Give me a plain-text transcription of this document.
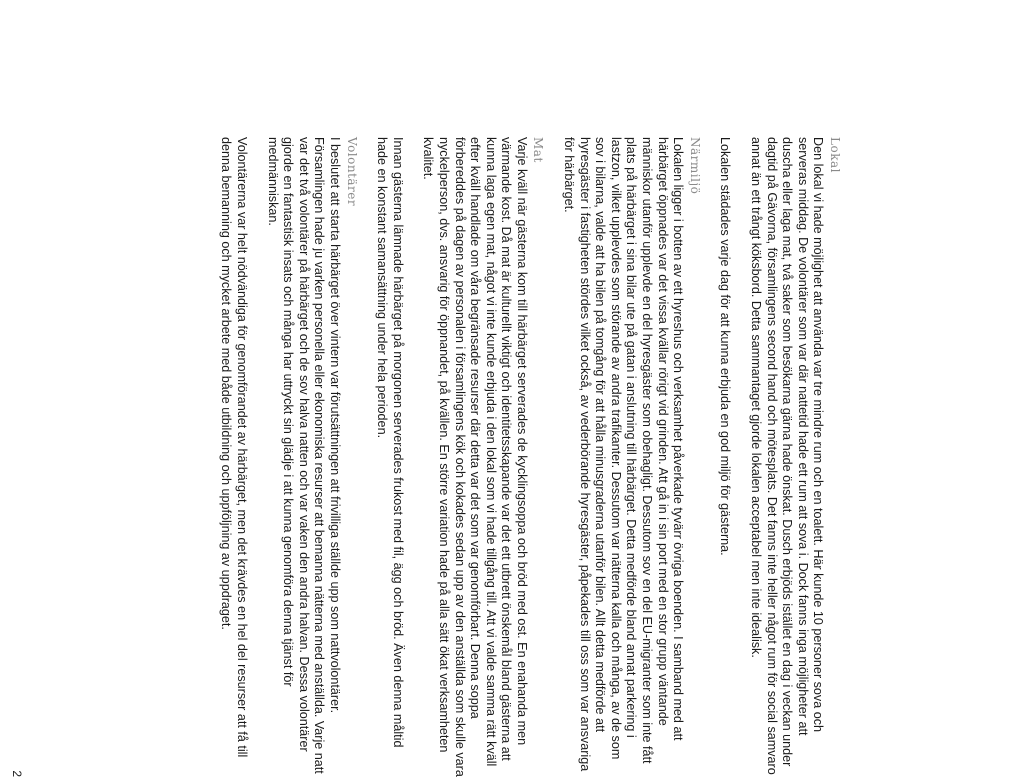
Lokal

Den lokal vi hade möjlighet att använda var tre mindre rum och en toalett. Här kunde 10 personer sova och serveras middag. De volontärer som var där nattetid hade ett rum att sova i. Dock fanns inga möjligheter att duscha eller laga mat, två saker som besökarna gärna hade önskat. Dusch erbjöds istället en dag i veckan under dagtid på Gävorna, församlingens second hand och mötesplats. Det fanns inte heller något rum för social samvaro annat än ett trångt köksbord. Detta sammantaget gjorde lokalen acceptabel men inte idealisk.

Lokalen städades varje dag för att kunna erbjuda en god miljö för gästerna.

Närmiljö

Lokalen ligger i botten av ett hyreshus och verksamhet påverkade tyvärr övriga boenden. I samband med att härbärget öppnades var det vissa kvällar rörigt vid grinden. Att gå in i sin port med en stor grupp väntande människor utanför upplevde en del hyresgäster som obehagligt. Dessutom sov en del EU-migranter som inte fått plats på härbärget i sina bilar ute på gatan i anslutning till härbärget. Detta medförde bland annat parkering i lastzon, vilket upplevdes som störande av andra trafikanter. Dessutom var nätterna kalla och många, av de som sov i bilarna, valde att ha bilen på tomgång för att hålla minusgraderna utanför bilen. Allt detta medförde att hyresgäster i fastigheten stördes vilket också, av vederbörande hyresgäster, påpekades till oss som var ansvariga för härbärget.

Mat

Varje kväll när gästerna kom till härbärget serverades de kycklingsoppa och bröd med ost. En enahanda men värmande kost. Då mat är kulturellt viktigt och identitetsskapande var det ett utbrett önskemål bland gästerna att kunna laga egen mat, något vi inte kunde erbjuda i den lokal som vi hade tillgång till. Att vi valde samma rätt kväll efter kväll handlade om våra begränsade resurser där detta var det som var genomförbart. Denna soppa förbereddes på dagen av personalen i församlingens kök och kokades sedan upp av den anställda som skulle vara nyckelperson, dvs. ansvarig för öppnandet, på kvällen. En större variation hade på alla sätt ökat verksamheten kvalitet.

Innan gästerna lämnade härbärget på morgonen serverades frukost med fil, ägg och bröd. Även denna måltid hade en konstant samansättning under hela perioden.

Volontärer

I beslutet att starta härbärget över vintern var förutsättningen att frivilliga ställde upp som nattvolontärer. Församlingen hade ju varken personella eller ekonomiska resurser att bemanna nätterna med anställda. Varje natt var det två volontärer på härbärget och de sov halva natten och var vaken den andra halvan. Dessa volontärer gjorde en fantastisk insats och många har uttryckt sin glädje i att kunna genomföra denna tjänst för medmänniskan.

Volontärerna var helt nödvändiga för genomförandet av härbärget, men det krävdes en hel del resurser att få till denna bemanning och mycket arbete med både utbildning och uppföljning av uppdraget.

2
